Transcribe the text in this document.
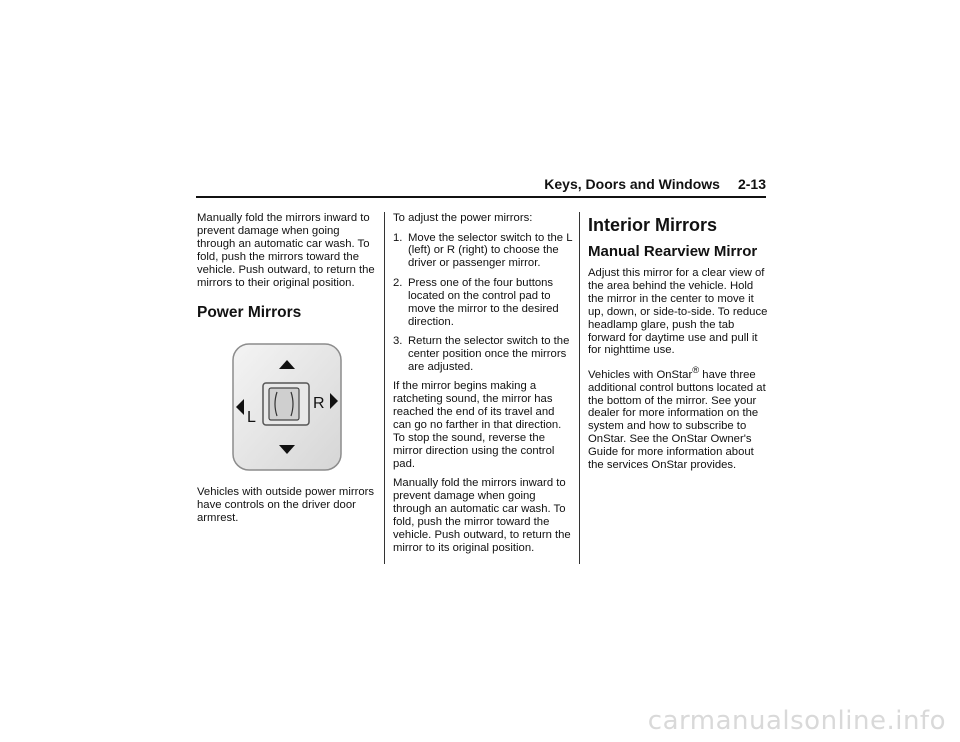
Keys, Doors and Windows 2-13

Manually fold the mirrors inward to prevent damage when going through an automatic car wash. To fold, push the mirrors toward the vehicle. Push outward, to return the mirrors to their original position.

Power Mirrors
L
R

Vehicles with outside power mirrors have controls on the driver door armrest.

To adjust the power mirrors:

1. Move the selector switch to the L (left) or R (right) to choose the driver or passenger mirror.
2. Press one of the four buttons located on the control pad to move the mirror to the desired direction.
3. Return the selector switch to the center position once the mirrors are adjusted.

If the mirror begins making a ratcheting sound, the mirror has reached the end of its travel and can go no farther in that direction. To stop the sound, reverse the mirror direction using the control pad.

Manually fold the mirrors inward to prevent damage when going through an automatic car wash. To fold, push the mirror toward the vehicle. Push outward, to return the mirror to its original position.

Interior Mirrors
Manual Rearview Mirror

Adjust this mirror for a clear view of the area behind the vehicle. Hold the mirror in the center to move it up, down, or side-to-side. To reduce headlamp glare, push the tab forward for daytime use and pull it for nighttime use.

Vehicles with OnStar® have three additional control buttons located at the bottom of the mirror. See your dealer for more information on the system and how to subscribe to OnStar. See the OnStar Owner's Guide for more information about the services OnStar provides.

carmanualsonline.info
